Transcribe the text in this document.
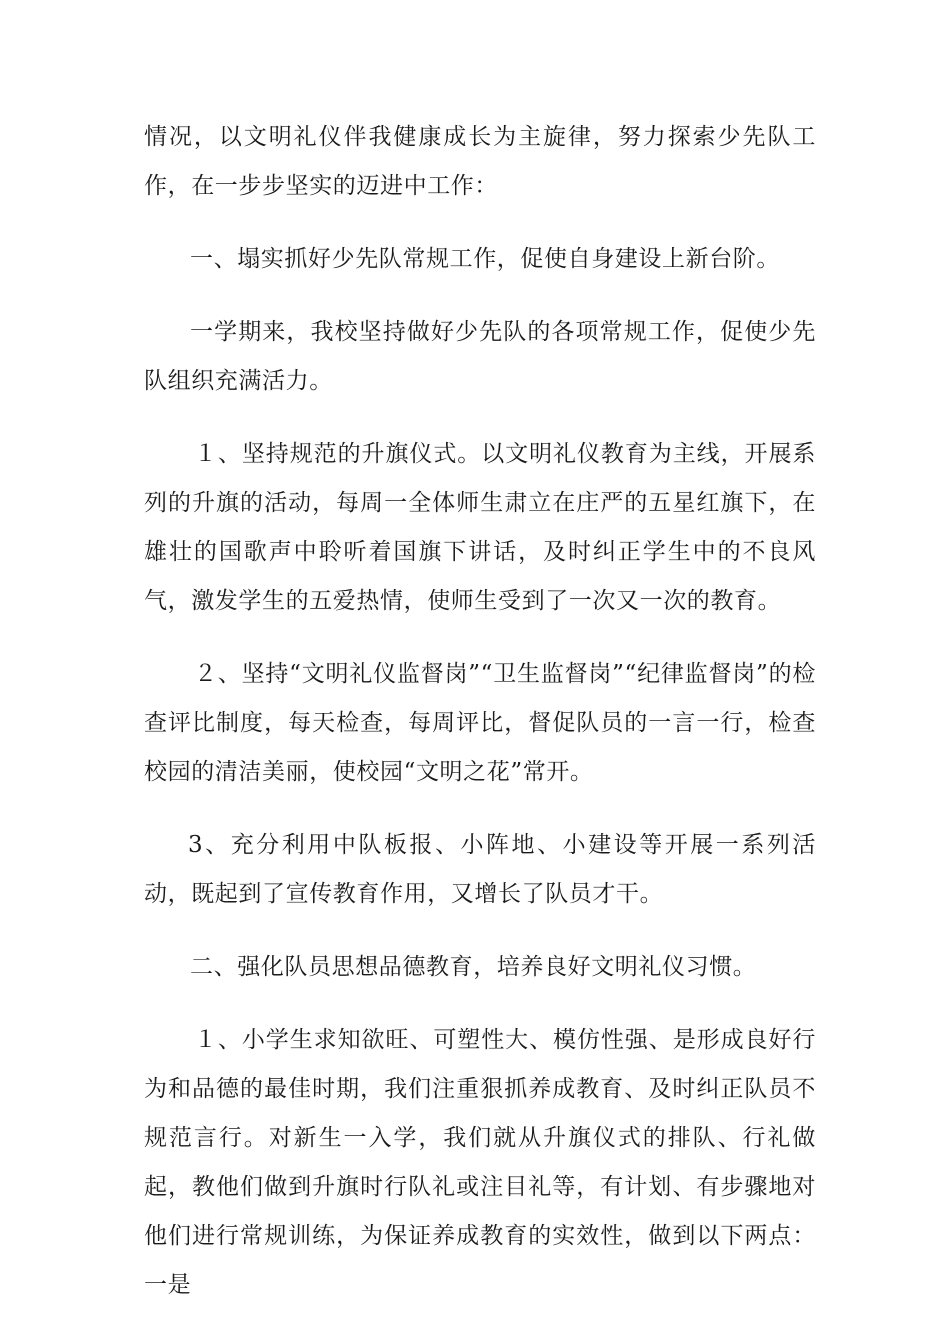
情况，以文明礼仪伴我健康成长为主旋律，努力探索少先队工作，在一步步坚实的迈进中工作：

一、塌实抓好少先队常规工作，促使自身建设上新台阶。

一学期来，我校坚持做好少先队的各项常规工作，促使少先队组织充满活力。

１、坚持规范的升旗仪式。以文明礼仪教育为主线，开展系列的升旗的活动，每周一全体师生肃立在庄严的五星红旗下，在雄壮的国歌声中聆听着国旗下讲话，及时纠正学生中的不良风气，激发学生的五爱热情，使师生受到了一次又一次的教育。

２、坚持“文明礼仪监督岗”“卫生监督岗”“纪律监督岗”的检查评比制度，每天检查，每周评比，督促队员的一言一行，检查校园的清洁美丽，使校园“文明之花”常开。

3、充分利用中队板报、小阵地、小建设等开展一系列活动，既起到了宣传教育作用，又增长了队员才干。

二、强化队员思想品德教育，培养良好文明礼仪习惯。

１、小学生求知欲旺、可塑性大、模仿性强、是形成良好行为和品德的最佳时期，我们注重狠抓养成教育、及时纠正队员不规范言行。对新生一入学，我们就从升旗仪式的排队、行礼做起，教他们做到升旗时行队礼或注目礼等，有计划、有步骤地对他们进行常规训练，为保证养成教育的实效性，做到以下两点：一是
